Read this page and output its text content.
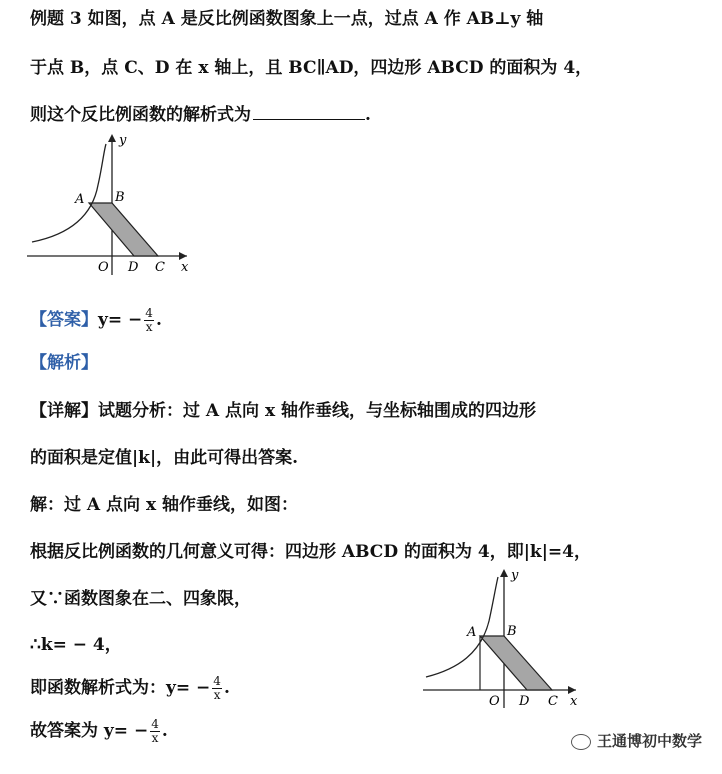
例题 3 如图，点 A 是反比例函数图象上一点，过点 A 作 AB⊥y 轴
于点 B，点 C、D 在 x 轴上，且 BC∥AD，四边形 ABCD 的面积为 4，
则这个反比例函数的解析式为	.
y
A B
O D C x
【答案】$y= - \frac{4}{x}$ .
【解析】
【详解】试题分析：过 A 点向 x 轴作垂线，与坐标轴围成的四边形
的面积是定值|k|，由此可得出答案.
解：过 A 点向 x 轴作垂线，如图：
根据反比例函数的几何意义可得：四边形 ABCD 的面积为 4，即|k|=4，
又∵函数图象在二、四象限，
∴k= − 4，
即函数解析式为：$y= - \frac{4}{x}$ .
故答案为 $y= - \frac{4}{x}$ .
y
A B
O D C x
王通博初中数学
